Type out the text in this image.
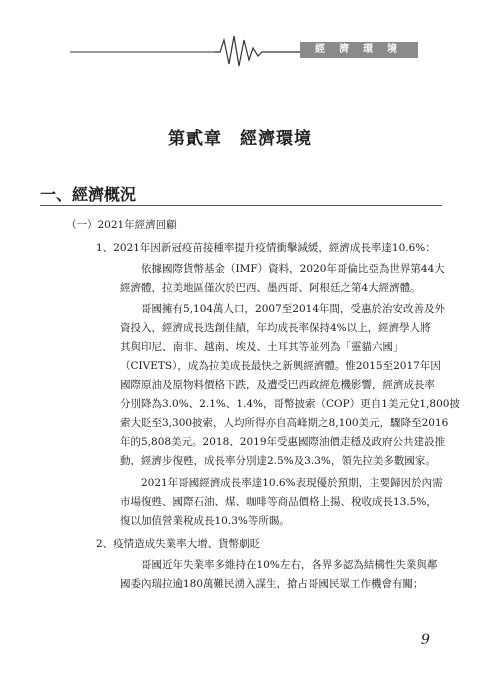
經濟環境
第貳章　經濟環境
一、經濟概況
（一）2021年經濟回顧
1、2021年因新冠疫苗接種率提升疫情衝擊減緩，經濟成長率達10.6%：
依據國際貨幣基金（IMF）資料，2020年哥倫比亞為世界第44大
經濟體，拉美地區僅次於巴西、墨西哥、阿根廷之第4大經濟體。
哥國擁有5,104萬人口，2007至2014年間，受惠於治安改善及外
資投入，經濟成長迭創佳績，年均成長率保持4%以上，經濟學人將
其與印尼、南非、越南、埃及、土耳其等並列為「靈貓六國」
（CIVETS），成為拉美成長最快之新興經濟體。惟2015至2017年因
國際原油及原物料價格下跌，及遭受巴西政經危機影響，經濟成長率
分別降為3.0%、2.1%、1.4%，哥幣披索（COP）更自1美元兌1,800披
索大貶至3,300披索，人均所得亦自高峰期之8,100美元，驟降至2016
年的5,808美元。2018、2019年受惠國際油價走穩及政府公共建設推
動，經濟步復甦，成長率分別達2.5%及3.3%，領先拉美多數國家。
2021年哥國經濟成長率達10.6%表現優於預期，主要歸因於內需
市場復甦、國際石油、煤、咖啡等商品價格上揚、稅收成長13.5%，
復以加值營業稅成長10.3%等所賜。
2、疫情造成失業率大增、貨幣劇貶
哥國近年失業率多維持在10%左右，各界多認為結構性失業與鄰
國委內瑞拉逾180萬難民湧入謀生，搶占哥國民眾工作機會有關；
9
